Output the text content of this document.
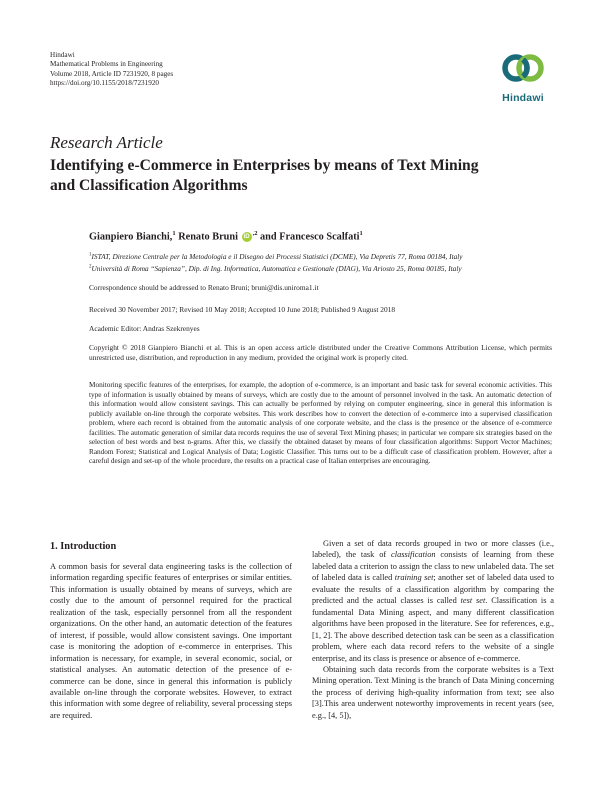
Hindawi
Mathematical Problems in Engineering
Volume 2018, Article ID 7231920, 8 pages
https://doi.org/10.1155/2018/7231920
Hindawi
Research Article
Identifying e-Commerce in Enterprises by means of Text Mining
and Classification Algorithms
Gianpiero Bianchi,$^1$ Renato Bruni $iD^{,2}$ and Francesco Scalfati$^1$
$^1$ISTAT, Direzione Centrale per la Metodologia e il Disegno dei Processi Statistici (DCME), Via Depretis 77, Roma 00184, Italy
$^2$Università di Roma “Sapienza”, Dip. di Ing. Informatica, Automatica e Gestionale (DIAG), Via Ariosto 25, Roma 00185, Italy
Correspondence should be addressed to Renato Bruni; bruni@dis.uniroma1.it
Received 30 November 2017; Revised 10 May 2018; Accepted 10 June 2018; Published 9 August 2018
Academic Editor: Andras Szekrenyes
Copyright © 2018 Gianpiero Bianchi et al. This is an open access article distributed under the Creative Commons Attribution License, which permits unrestricted use, distribution, and reproduction in any medium, provided the original work is properly cited.
Monitoring specific features of the enterprises, for example, the adoption of e-commerce, is an important and basic task for several economic activities. This type of information is usually obtained by means of surveys, which are costly due to the amount of personnel involved in the task. An automatic detection of this information would allow consistent savings. This can actually be performed by relying on computer engineering, since in general this information is publicly available on-line through the corporate websites. This work describes how to convert the detection of e-commerce into a supervised classification problem, where each record is obtained from the automatic analysis of one corporate website, and the class is the presence or the absence of e-commerce facilities. The automatic generation of similar data records requires the use of several Text Mining phases; in particular we compare six strategies based on the selection of best words and best n-grams. After this, we classify the obtained dataset by means of four classification algorithms: Support Vector Machines; Random Forest; Statistical and Logical Analysis of Data; Logistic Classifier. This turns out to be a difficult case of classification problem. However, after a careful design and set-up of the whole procedure, the results on a practical case of Italian enterprises are encouraging.
1. Introduction

A common basis for several data engineering tasks is the collection of information regarding specific features of enterprises or similar entities. This information is usually obtained by means of surveys, which are costly due to the amount of personnel required for the practical realization of the task, especially personnel from all the respondent organizations. On the other hand, an automatic detection of the features of interest, if possible, would allow consistent savings. One important case is monitoring the adoption of e-commerce in enterprises. This information is necessary, for example, in several economic, social, or statistical analyses. An automatic detection of the presence of e-commerce can be done, since in general this information is publicly available on-line through the corporate websites. However, to extract this information with some degree of reliability, several processing steps are required.

Given a set of data records grouped in two or more classes (i.e., labeled), the task of classification consists of learning from these labeled data a criterion to assign the class to new unlabeled data. The set of labeled data is called training set; another set of labeled data used to evaluate the results of a classification algorithm by comparing the predicted and the actual classes is called test set. Classification is a fundamental Data Mining aspect, and many different classification algorithms have been proposed in the literature. See for references, e.g., [1, 2]. The above described detection task can be seen as a classification problem, where each data record refers to the website of a single enterprise, and its class is presence or absence of e-commerce.

Obtaining such data records from the corporate websites is a Text Mining operation. Text Mining is the branch of Data Mining concerning the process of deriving high-quality information from text; see also [3].This area underwent noteworthy improvements in recent years (see, e.g., [4, 5]),
